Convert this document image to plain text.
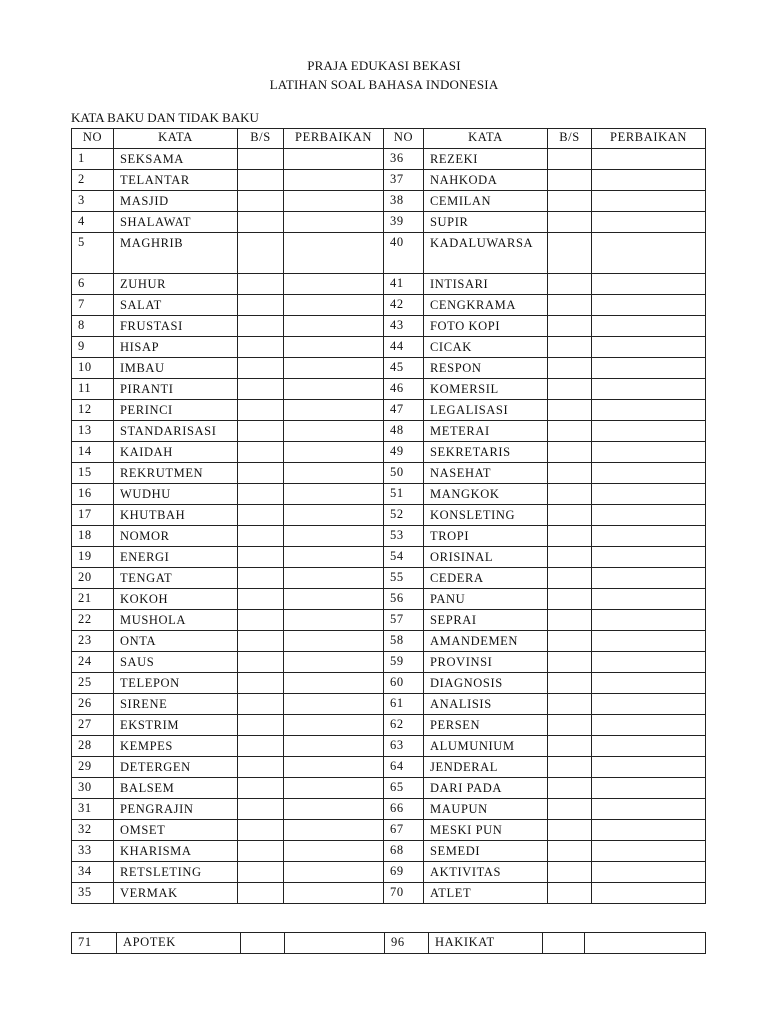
PRAJA EDUKASI BEKASI
LATIHAN SOAL BAHASA INDONESIA
KATA BAKU DAN TIDAK BAKU
NO	KATA	B/S	PERBAIKAN	NO	KATA	B/S	PERBAIKAN
1	SEKSAMA			36	REZEKI		
2	TELANTAR			37	NAHKODA		
3	MASJID			38	CEMILAN		
4	SHALAWAT			39	SUPIR		
5	MAGHRIB			40	KADALUWARSA		
6	ZUHUR			41	INTISARI		
7	SALAT			42	CENGKRAMA		
8	FRUSTASI			43	FOTO KOPI		
9	HISAP			44	CICAK		
10	IMBAU			45	RESPON		
11	PIRANTI			46	KOMERSIL		
12	PERINCI			47	LEGALISASI		
13	STANDARISASI			48	METERAI		
14	KAIDAH			49	SEKRETARIS		
15	REKRUTMEN			50	NASEHAT		
16	WUDHU			51	MANGKOK		
17	KHUTBAH			52	KONSLETING		
18	NOMOR			53	TROPI		
19	ENERGI			54	ORISINAL		
20	TENGAT			55	CEDERA		
21	KOKOH			56	PANU		
22	MUSHOLA			57	SEPRAI		
23	ONTA			58	AMANDEMEN		
24	SAUS			59	PROVINSI		
25	TELEPON			60	DIAGNOSIS		
26	SIRENE			61	ANALISIS		
27	EKSTRIM			62	PERSEN		
28	KEMPES			63	ALUMUNIUM		
29	DETERGEN			64	JENDERAL		
30	BALSEM			65	DARI PADA		
31	PENGRAJIN			66	MAUPUN		
32	OMSET			67	MESKI PUN		
33	KHARISMA			68	SEMEDI		
34	RETSLETING			69	AKTIVITAS		
35	VERMAK			70	ATLET		
71	APOTEK			96	HAKIKAT		
